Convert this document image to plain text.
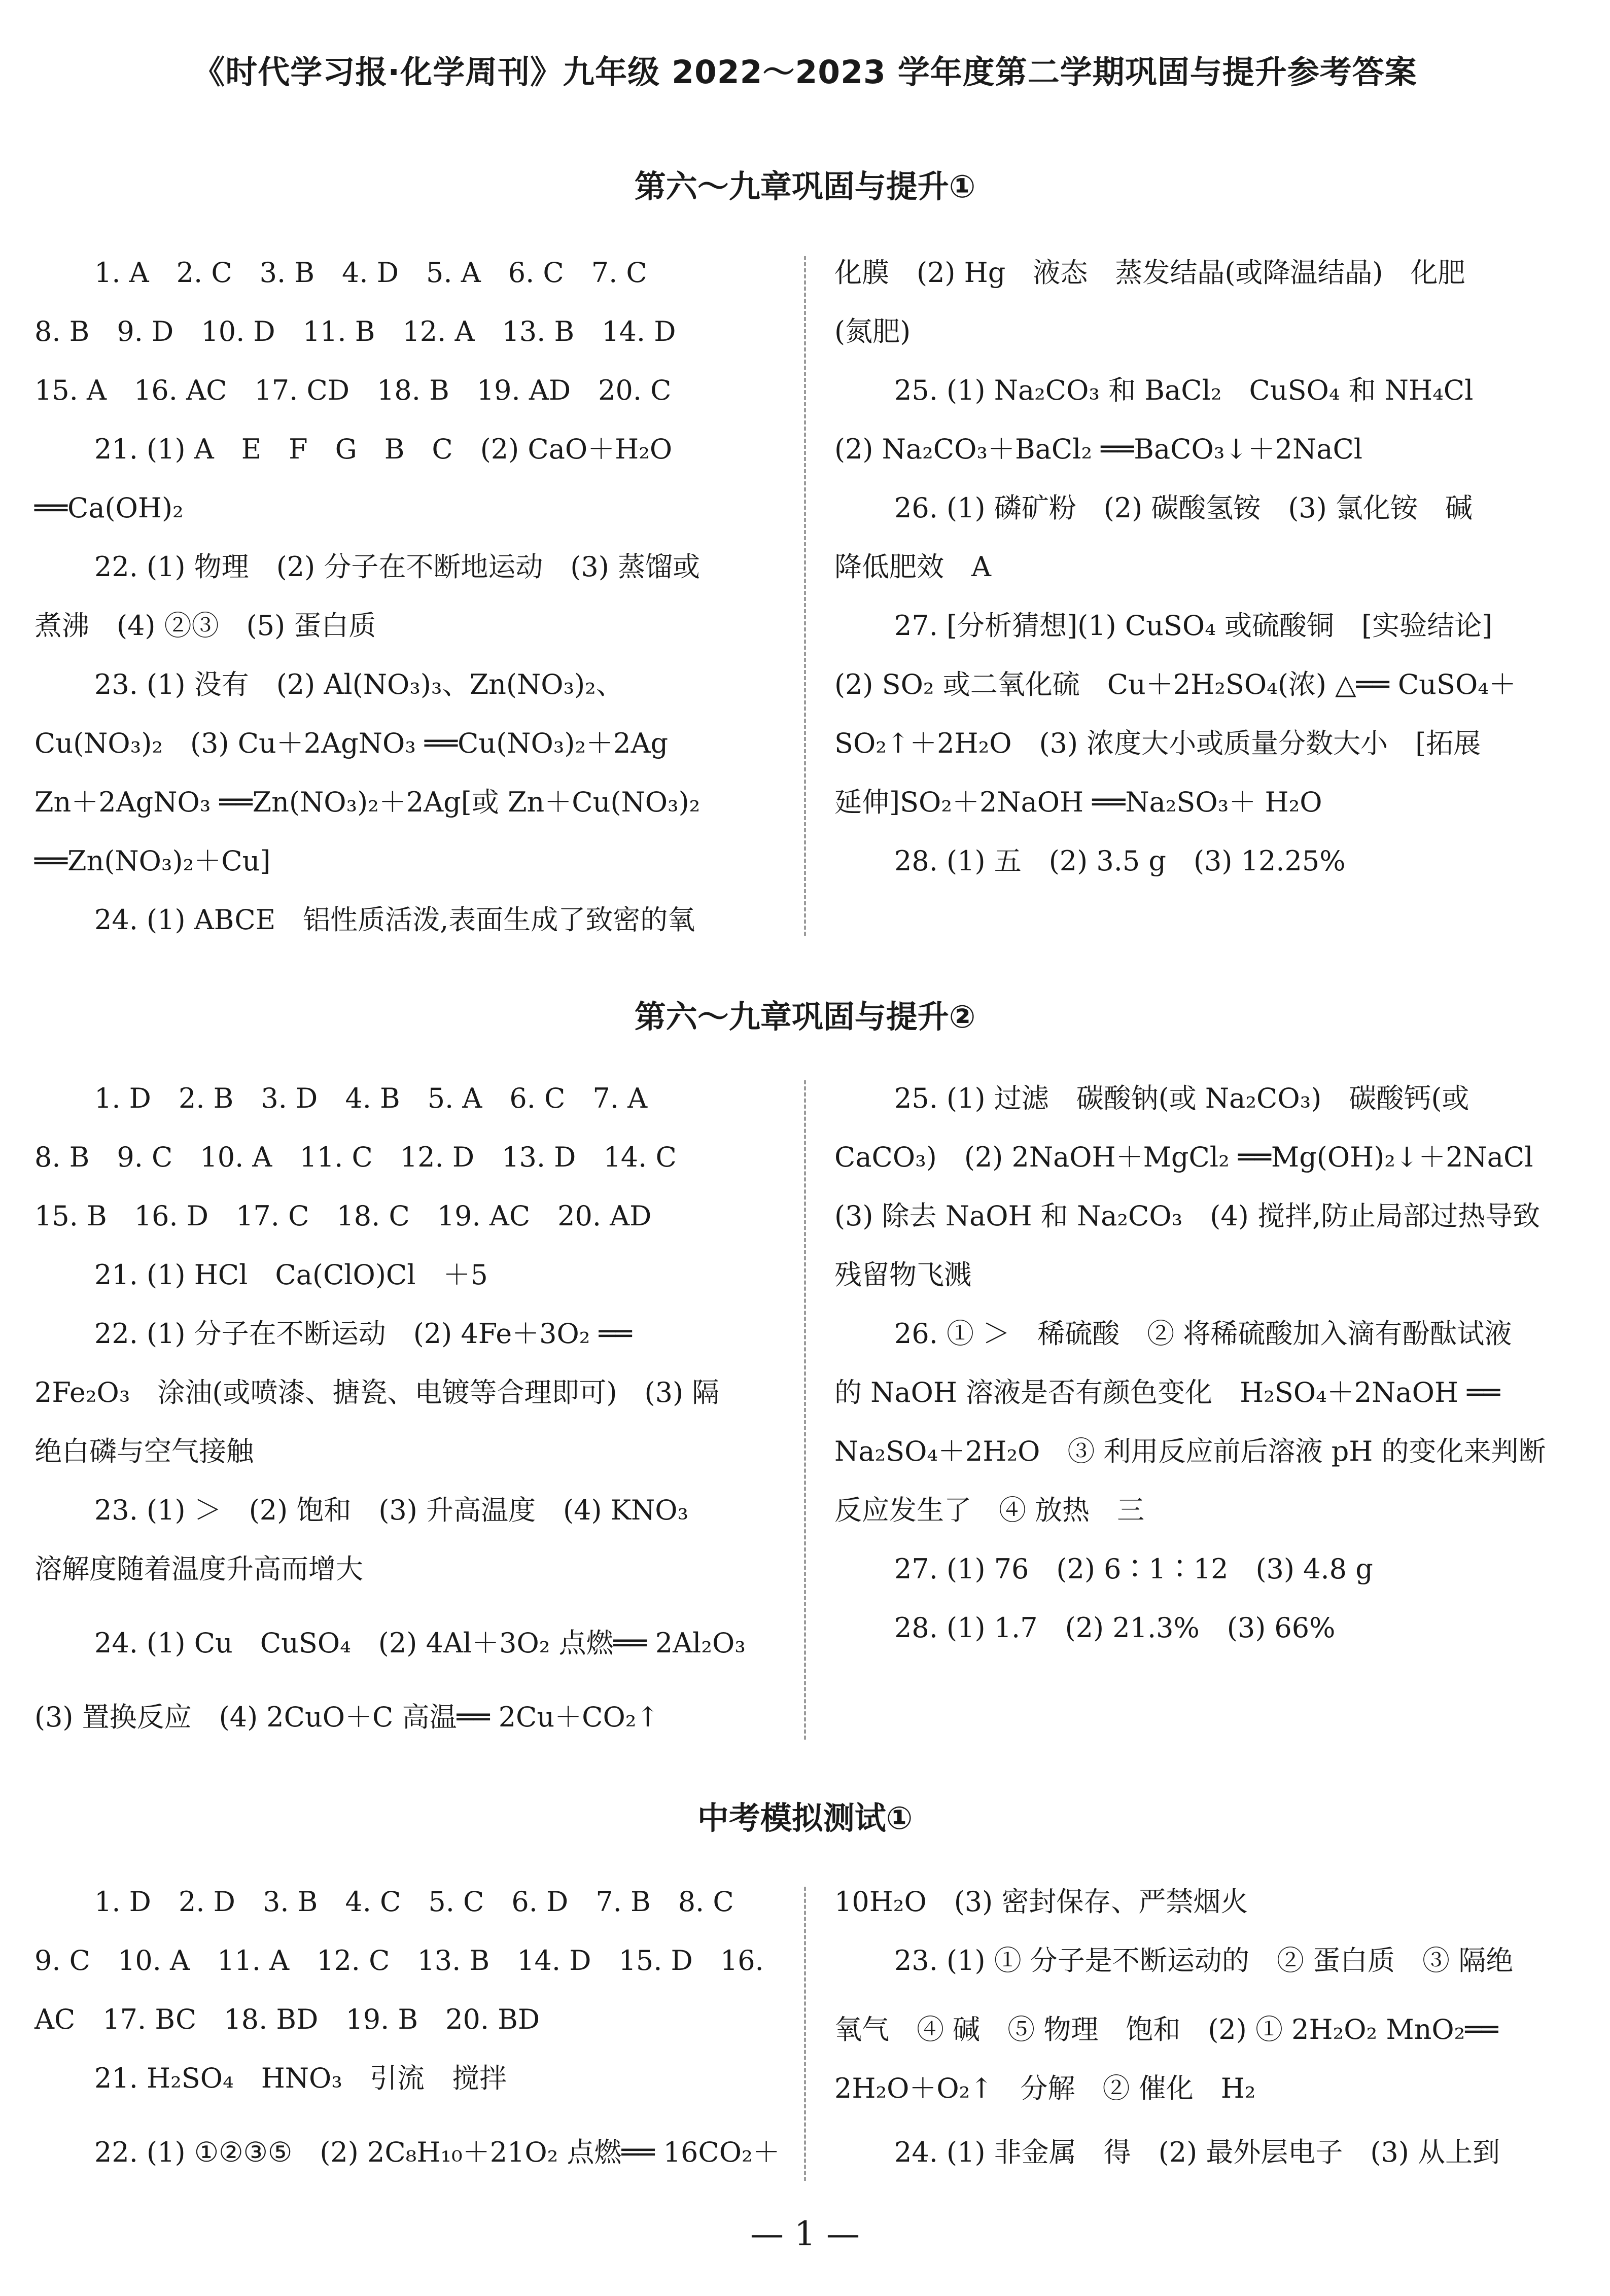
《时代学习报·化学周刊》九年级 2022～2023 学年度第二学期巩固与提升参考答案
第六～九章巩固与提升①
1. A　2. C　3. B　4. D　5. A　6. C　7. C
8. B　9. D　10. D　11. B　12. A　13. B　14. D
15. A　16. AC　17. CD　18. B　19. AD　20. C
21. (1) A　E　F　G　B　C　(2) CaO＋H₂O
══Ca(OH)₂
22. (1) 物理　(2) 分子在不断地运动　(3) 蒸馏或
煮沸　(4) ②③　(5) 蛋白质
23. (1) 没有　(2) Al(NO₃)₃、Zn(NO₃)₂、
Cu(NO₃)₂　(3) Cu＋2AgNO₃ ══Cu(NO₃)₂＋2Ag
Zn＋2AgNO₃ ══Zn(NO₃)₂＋2Ag[或 Zn＋Cu(NO₃)₂
══Zn(NO₃)₂＋Cu]
24. (1) ABCE　铝性质活泼,表面生成了致密的氧
化膜　(2) Hg　液态　蒸发结晶(或降温结晶)　化肥
(氮肥)
25. (1) Na₂CO₃ 和 BaCl₂　CuSO₄ 和 NH₄Cl
(2) Na₂CO₃＋BaCl₂ ══BaCO₃↓＋2NaCl
26. (1) 磷矿粉　(2) 碳酸氢铵　(3) 氯化铵　碱
降低肥效　A
27. [分析猜想](1) CuSO₄ 或硫酸铜　[实验结论]
(2) SO₂ 或二氧化硫　Cu＋2H₂SO₄(浓) △══ CuSO₄＋
SO₂↑＋2H₂O　(3) 浓度大小或质量分数大小　[拓展
延伸]SO₂＋2NaOH ══Na₂SO₃＋ H₂O
28. (1) 五　(2) 3.5 g　(3) 12.25%
第六～九章巩固与提升②
1. D　2. B　3. D　4. B　5. A　6. C　7. A
8. B　9. C　10. A　11. C　12. D　13. D　14. C
15. B　16. D　17. C　18. C　19. AC　20. AD
21. (1) HCl　Ca(ClO)Cl　＋5
22. (1) 分子在不断运动　(2) 4Fe＋3O₂ ══
2Fe₂O₃　涂油(或喷漆、搪瓷、电镀等合理即可)　(3) 隔
绝白磷与空气接触
23. (1) ＞　(2) 饱和　(3) 升高温度　(4) KNO₃
溶解度随着温度升高而增大
24. (1) Cu　CuSO₄　(2) 4Al＋3O₂ 点燃══ 2Al₂O₃
(3) 置换反应　(4) 2CuO＋C 高温══ 2Cu＋CO₂↑
25. (1) 过滤　碳酸钠(或 Na₂CO₃)　碳酸钙(或
CaCO₃)　(2) 2NaOH＋MgCl₂ ══Mg(OH)₂↓＋2NaCl
(3) 除去 NaOH 和 Na₂CO₃　(4) 搅拌,防止局部过热导致
残留物飞溅
26. ① ＞　稀硫酸　② 将稀硫酸加入滴有酚酞试液
的 NaOH 溶液是否有颜色变化　H₂SO₄＋2NaOH ══
Na₂SO₄＋2H₂O　③ 利用反应前后溶液 pH 的变化来判断
反应发生了　④ 放热　三
27. (1) 76　(2) 6∶1∶12　(3) 4.8 g
28. (1) 1.7　(2) 21.3%　(3) 66%
中考模拟测试①
1. D　2. D　3. B　4. C　5. C　6. D　7. B　8. C
9. C　10. A　11. A　12. C　13. B　14. D　15. D　16.
AC　17. BC　18. BD　19. B　20. BD
21. H₂SO₄　HNO₃　引流　搅拌
22. (1) ①②③⑤　(2) 2C₈H₁₀＋21O₂ 点燃══ 16CO₂＋
10H₂O　(3) 密封保存、严禁烟火
23. (1) ① 分子是不断运动的　② 蛋白质　③ 隔绝
氧气　④ 碱　⑤ 物理　饱和　(2) ① 2H₂O₂ MnO₂══
2H₂O＋O₂↑　分解　② 催化　H₂
24. (1) 非金属　得　(2) 最外层电子　(3) 从上到
— 1 —
